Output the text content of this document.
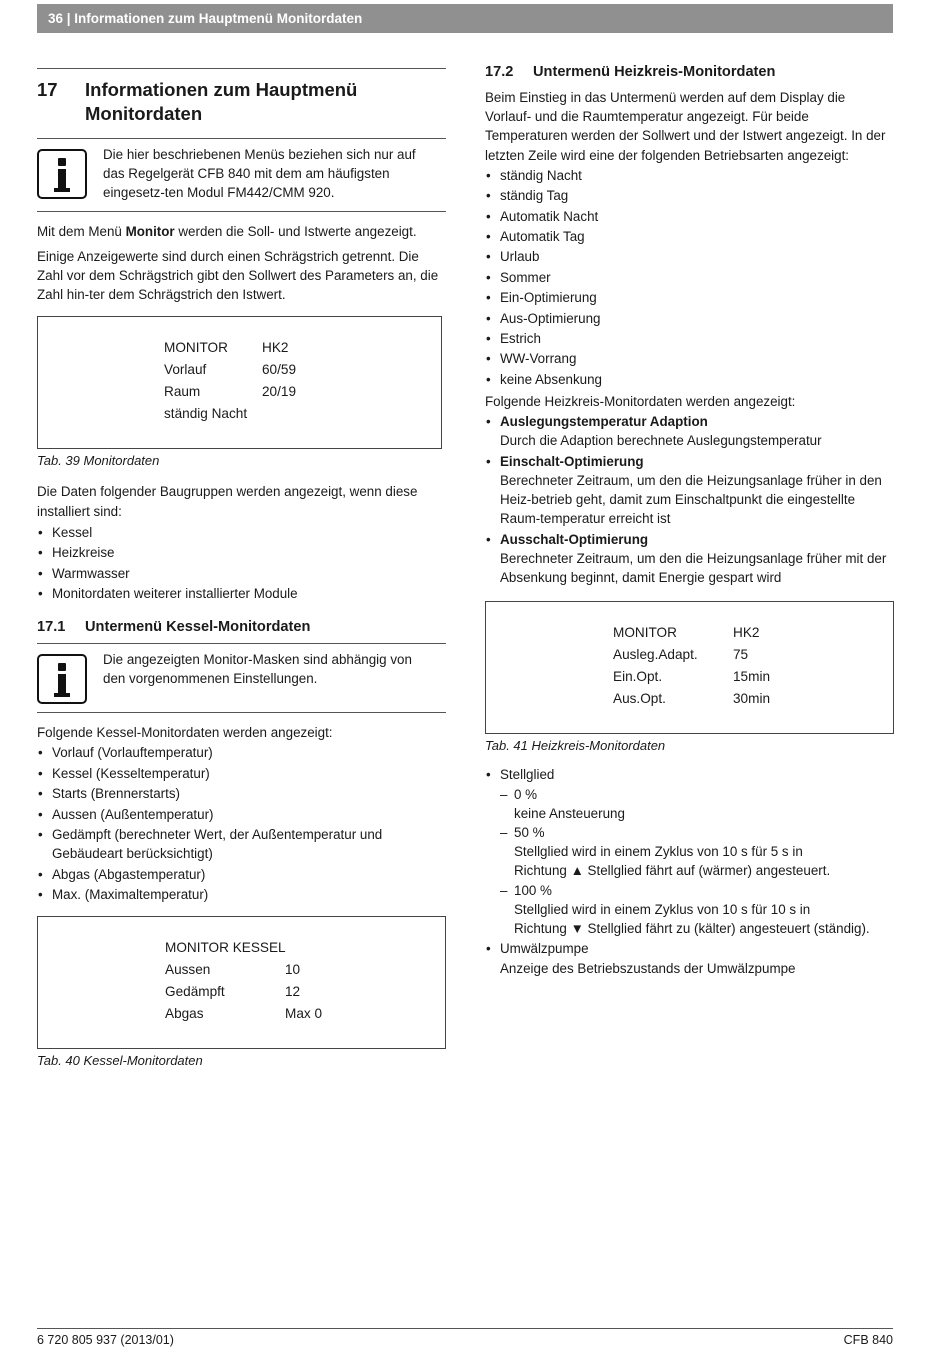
36 | Informationen zum Hauptmenü Monitordaten
17	Informationen zum Hauptmenü Monitordaten
Die hier beschriebenen Menüs beziehen sich nur auf das Regelgerät CFB 840 mit dem am häufigsten eingesetz-ten Modul FM442/CMM 920.

Mit dem Menü Monitor werden die Soll- und Istwerte angezeigt.

Einige Anzeigewerte sind durch einen Schrägstrich getrennt. Die Zahl vor dem Schrägstrich gibt den Sollwert des Parameters an, die Zahl hin-ter dem Schrägstrich den Istwert.

MONITOR	HK2
Vorlauf	60/59
Raum	20/19
ständig Nacht
Tab. 39 Monitordaten

Die Daten folgender Baugruppen werden angezeigt, wenn diese installiert sind:

• Kessel
• Heizkreise
• Warmwasser
• Monitordaten weiterer installierter Module
17.1	Untermenü Kessel-Monitordaten
Die angezeigten Monitor-Masken sind abhängig von den vorgenommenen Einstellungen.

Folgende Kessel-Monitordaten werden angezeigt:

• Vorlauf (Vorlauftemperatur)
• Kessel (Kesseltemperatur)
• Starts (Brennerstarts)
• Aussen (Außentemperatur)
• Gedämpft (berechneter Wert, der Außentemperatur und Gebäudeart berücksichtigt)
• Abgas (Abgastemperatur)
• Max. (Maximaltemperatur)
MONITOR KESSEL
Aussen	10
Gedämpft	12
Abgas	Max 0
Tab. 40 Kessel-Monitordaten
17.2	Untermenü Heizkreis-Monitordaten

Beim Einstieg in das Untermenü werden auf dem Display die Vorlauf- und die Raumtemperatur angezeigt. Für beide Temperaturen werden der Sollwert und der Istwert angezeigt. In der letzten Zeile wird eine der folgenden Betriebsarten angezeigt:

• ständig Nacht
• ständig Tag
• Automatik Nacht
• Automatik Tag
• Urlaub
• Sommer
• Ein-Optimierung
• Aus-Optimierung
• Estrich
• WW-Vorrang
• keine Absenkung

Folgende Heizkreis-Monitordaten werden angezeigt:

• Auslegungstemperatur Adaption
Durch die Adaption berechnete Auslegungstemperatur
• Einschalt-Optimierung
Berechneter Zeitraum, um den die Heizungsanlage früher in den Heiz-betrieb geht, damit zum Einschaltpunkt die eingestellte Raum-temperatur erreicht ist
• Ausschalt-Optimierung
Berechneter Zeitraum, um den die Heizungsanlage früher mit der Absenkung beginnt, damit Energie gespart wird
MONITOR	HK2
Ausleg.Adapt.	75
Ein.Opt.	15min
Aus.Opt.	30min
Tab. 41 Heizkreis-Monitordaten
• Stellglied
– 0 %
keine Ansteuerung
– 50 %
Stellglied wird in einem Zyklus von 10 s für 5 s in
Richtung ▲ Stellglied fährt auf (wärmer) angesteuert.
– 100 %
Stellglied wird in einem Zyklus von 10 s für 10 s in
Richtung ▼ Stellglied fährt zu (kälter) angesteuert (ständig).
• Umwälzpumpe
Anzeige des Betriebszustands der Umwälzpumpe
6 720 805 937 (2013/01)	CFB 840
